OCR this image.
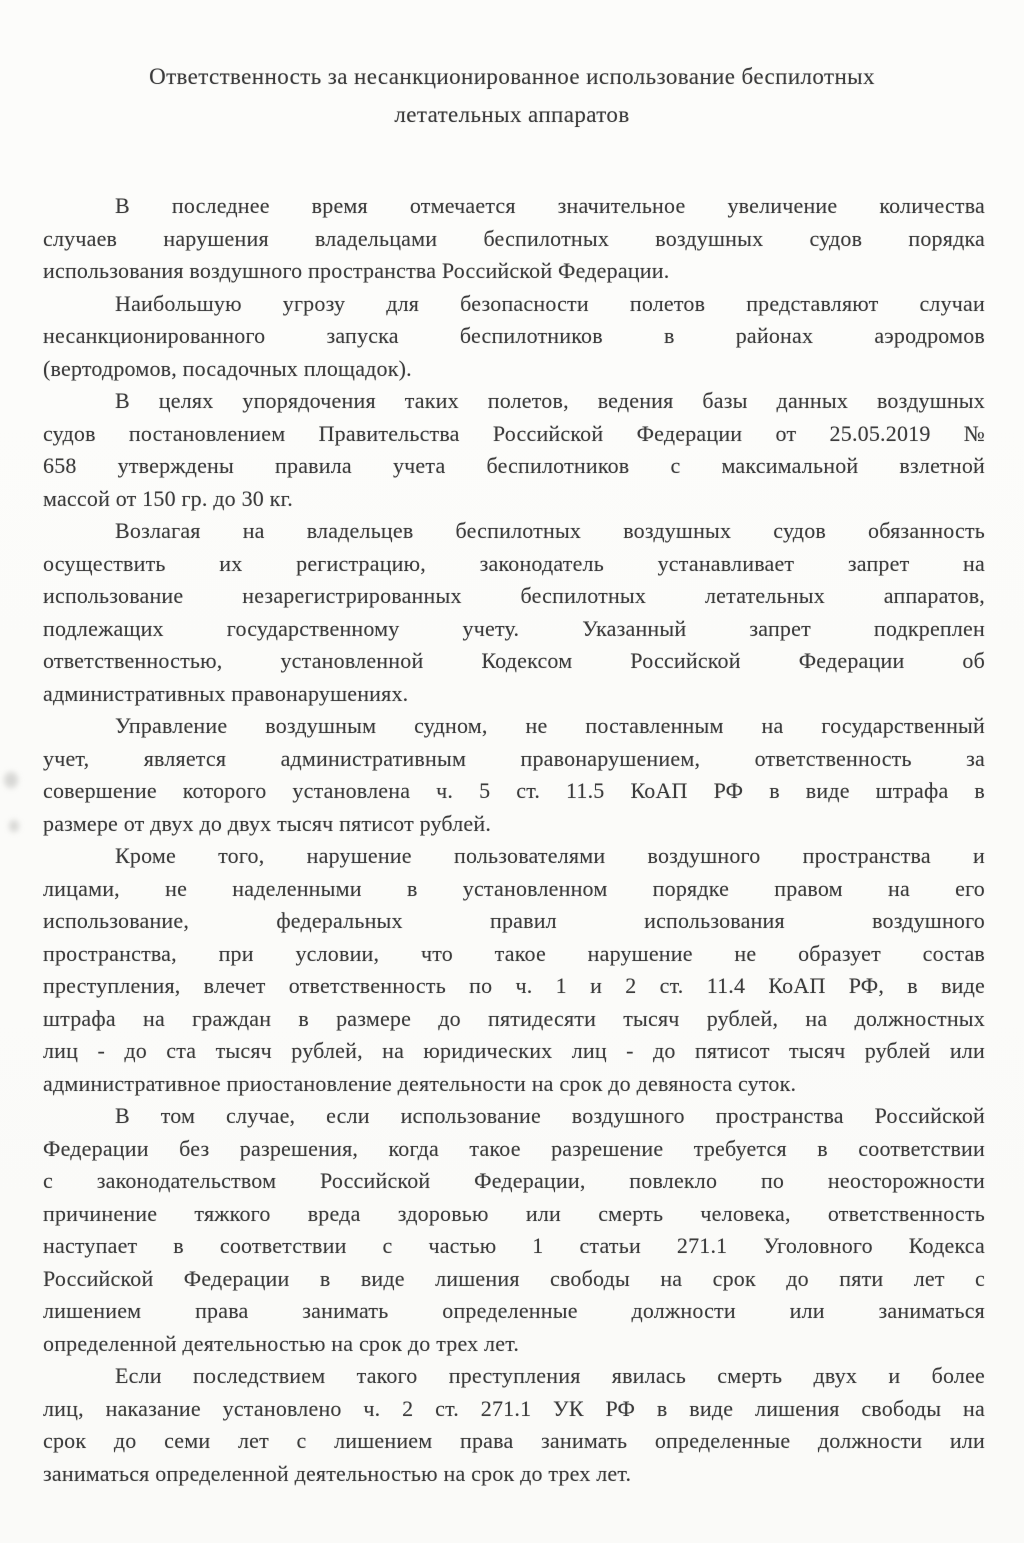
Ответственность за несанкционированное использование беспилотных
летательных аппаратов

В последнее время отмечается значительное увеличение количества
случаев нарушения владельцами беспилотных воздушных судов порядка
использования воздушного пространства Российской Федерации.

Наибольшую угрозу для безопасности полетов представляют случаи
несанкционированного запуска беспилотников в районах аэродромов
(вертодромов, посадочных площадок).

В целях упорядочения таких полетов, ведения базы данных воздушных
судов постановлением Правительства Российской Федерации от 25.05.2019 №
658 утверждены правила учета беспилотников с максимальной взлетной
массой от 150 гр. до 30 кг.

Возлагая на владельцев беспилотных воздушных судов обязанность
осуществить их регистрацию, законодатель устанавливает запрет на
использование незарегистрированных беспилотных летательных аппаратов,
подлежащих государственному учету. Указанный запрет подкреплен
ответственностью, установленной Кодексом Российской Федерации об
административных правонарушениях.

Управление воздушным судном, не поставленным на государственный
учет, является административным правонарушением, ответственность за
совершение которого установлена ч. 5 ст. 11.5 КоАП РФ в виде штрафа в
размере от двух до двух тысяч пятисот рублей.

Кроме того, нарушение пользователями воздушного пространства и
лицами, не наделенными в установленном порядке правом на его
использование, федеральных правил использования воздушного
пространства, при условии, что такое нарушение не образует состав
преступления, влечет ответственность по ч. 1 и 2 ст. 11.4 КоАП РФ, в виде
штрафа на граждан в размере до пятидесяти тысяч рублей, на должностных
лиц - до ста тысяч рублей, на юридических лиц - до пятисот тысяч рублей или
административное приостановление деятельности на срок до девяноста суток.

В том случае, если использование воздушного пространства Российской
Федерации без разрешения, когда такое разрешение требуется в соответствии
с законодательством Российской Федерации, повлекло по неосторожности
причинение тяжкого вреда здоровью или смерть человека, ответственность
наступает в соответствии с частью 1 статьи 271.1 Уголовного Кодекса
Российской Федерации в виде лишения свободы на срок до пяти лет с
лишением права занимать определенные должности или заниматься
определенной деятельностью на срок до трех лет.

Если последствием такого преступления явилась смерть двух и более
лиц, наказание установлено ч. 2 ст. 271.1 УК РФ в виде лишения свободы на
срок до семи лет с лишением права занимать определенные должности или
заниматься определенной деятельностью на срок до трех лет.
